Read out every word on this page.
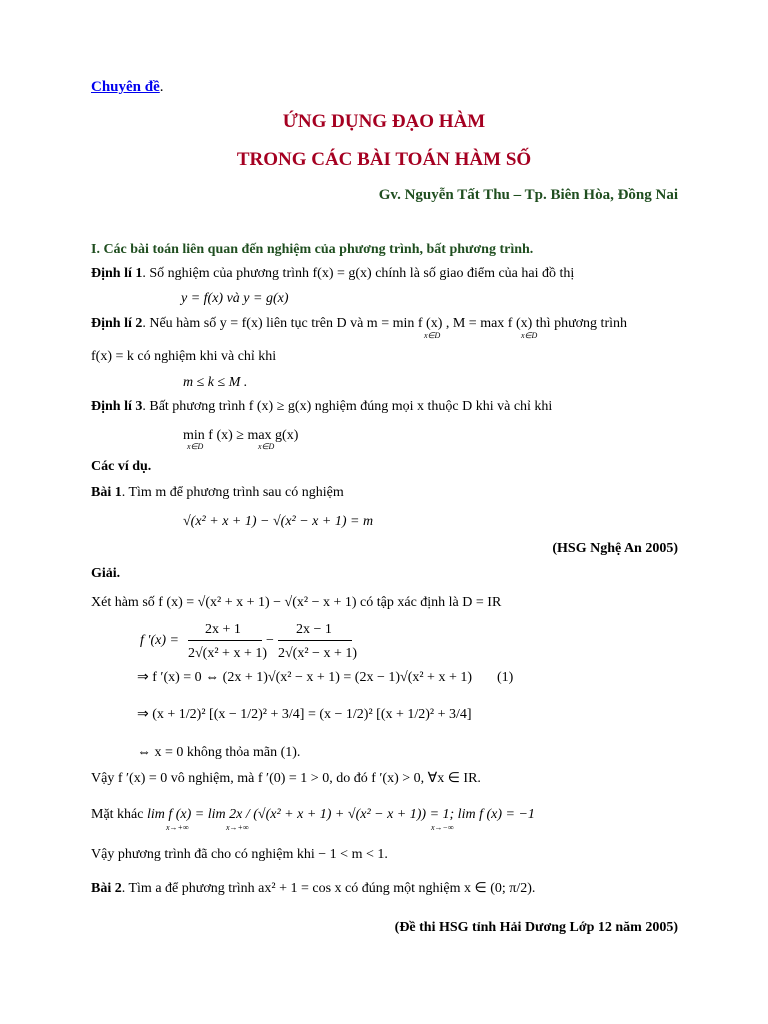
Chuyên đề.
ỨNG DỤNG ĐẠO HÀM
TRONG CÁC BÀI TOÁN HÀM SỐ
Gv. Nguyễn Tất Thu – Tp. Biên Hòa, Đồng Nai
I. Các bài toán liên quan đến nghiệm của phương trình, bất phương trình.
Định lí 1. Số nghiệm của phương trình f(x) = g(x) chính là số giao điểm của hai đồ thị
y = f(x) và y = g(x)
Định lí 2. Nếu hàm số y = f(x) liên tục trên D và m = min f (x) , M = max f (x) thì phương trình
x∈D	x∈D
f(x) = k có nghiệm khi và chỉ khi
m ≤ k ≤ M .
Định lí 3. Bất phương trình f (x) ≥ g(x) nghiệm đúng mọi x thuộc D khi và chỉ khi
min f (x) ≥ max g(x)
x∈D	x∈D
Các ví dụ.
Bài 1. Tìm m để phương trình sau có nghiệm
√(x² + x + 1) − √(x² − x + 1) = m
(HSG Nghệ An 2005)
Giải.
Xét hàm số f (x) = √(x² + x + 1) − √(x² − x + 1) có tập xác định là D = IR
f ′(x) =
2x + 1
2√(x² + x + 1)
−
2x − 1
2√(x² − x + 1)
⇒ f ′(x) = 0 ⇔ (2x + 1)√(x² − x + 1) = (2x − 1)√(x² + x + 1) (1)
⇒ (x + 1/2)² [(x − 1/2)² + 3/4] = (x − 1/2)² [(x + 1/2)² + 3/4]
⇔ x = 0 không thỏa mãn (1).
Vậy f ′(x) = 0 vô nghiệm, mà f ′(0) = 1 > 0, do đó f ′(x) > 0, ∀x ∈ IR.
Mặt khác lim f (x) = lim 2x / (√(x² + x + 1) + √(x² − x + 1)) = 1; lim f (x) = −1
x→+∞	x→+∞	x→−∞
Vậy phương trình đã cho có nghiệm khi − 1 < m < 1.
Bài 2. Tìm a để phương trình ax² + 1 = cos x có đúng một nghiệm x ∈ (0; π/2).
(Đề thi HSG tỉnh Hải Dương Lớp 12 năm 2005)
